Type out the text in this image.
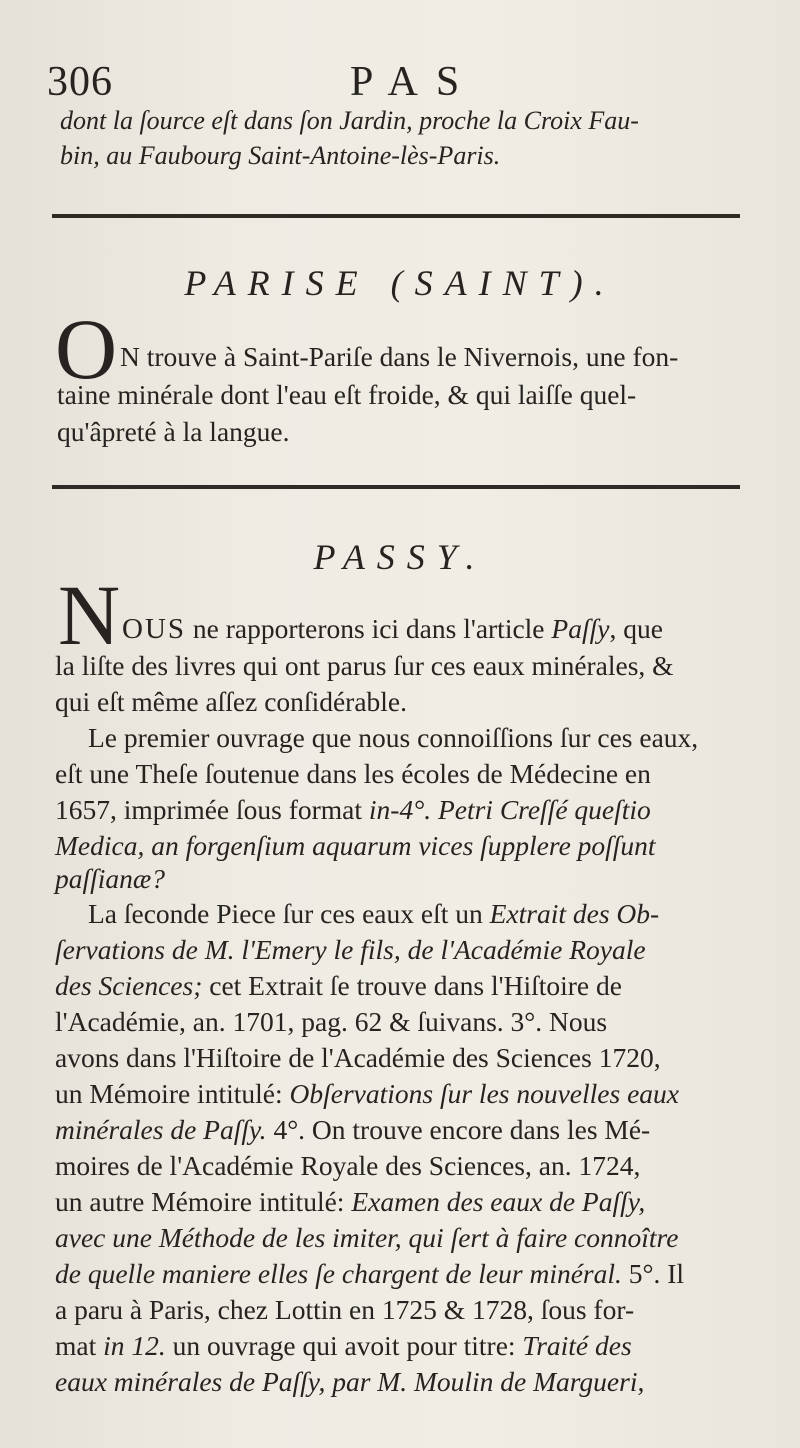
306	PAS
dont la ſource eſt dans ſon Jardin, proche la Croix Fau-
bin, au Faubourg Saint-Antoine-lès-Paris.
PARISE (SAINT).
O N trouve à Saint-Pariſe dans le Nivernois, une fon-
taine minérale dont l'eau eſt froide, & qui laiſſe quel-
qu'âpreté à la langue.
PASSY.
N OUS ne rapporterons ici dans l'article Paſſy, que
la liſte des livres qui ont parus ſur ces eaux minérales, &
qui eſt même aſſez conſidérable.
Le premier ouvrage que nous connoiſſions ſur ces eaux,
eſt une Theſe ſoutenue dans les écoles de Médecine en
1657, imprimée ſous format in-4°. Petri Creſſé queſtio
Medica, an forgenſium aquarum vices ſupplere poſſunt
paſſianæ?
La ſeconde Piece ſur ces eaux eſt un Extrait des Ob-
ſervations de M. l'Emery le fils, de l'Académie Royale
des Sciences; cet Extrait ſe trouve dans l'Hiſtoire de
l'Académie, an. 1701, pag. 62 & ſuivans. 3°. Nous
avons dans l'Hiſtoire de l'Académie des Sciences 1720,
un Mémoire intitulé: Obſervations ſur les nouvelles eaux
minérales de Paſſy. 4°. On trouve encore dans les Mé-
moires de l'Académie Royale des Sciences, an. 1724,
un autre Mémoire intitulé: Examen des eaux de Paſſy,
avec une Méthode de les imiter, qui ſert à faire connoître
de quelle maniere elles ſe chargent de leur minéral. 5°. Il
a paru à Paris, chez Lottin en 1725 & 1728, ſous for-
mat in 12. un ouvrage qui avoit pour titre: Traité des
eaux minérales de Paſſy, par M. Moulin de Margueri,
